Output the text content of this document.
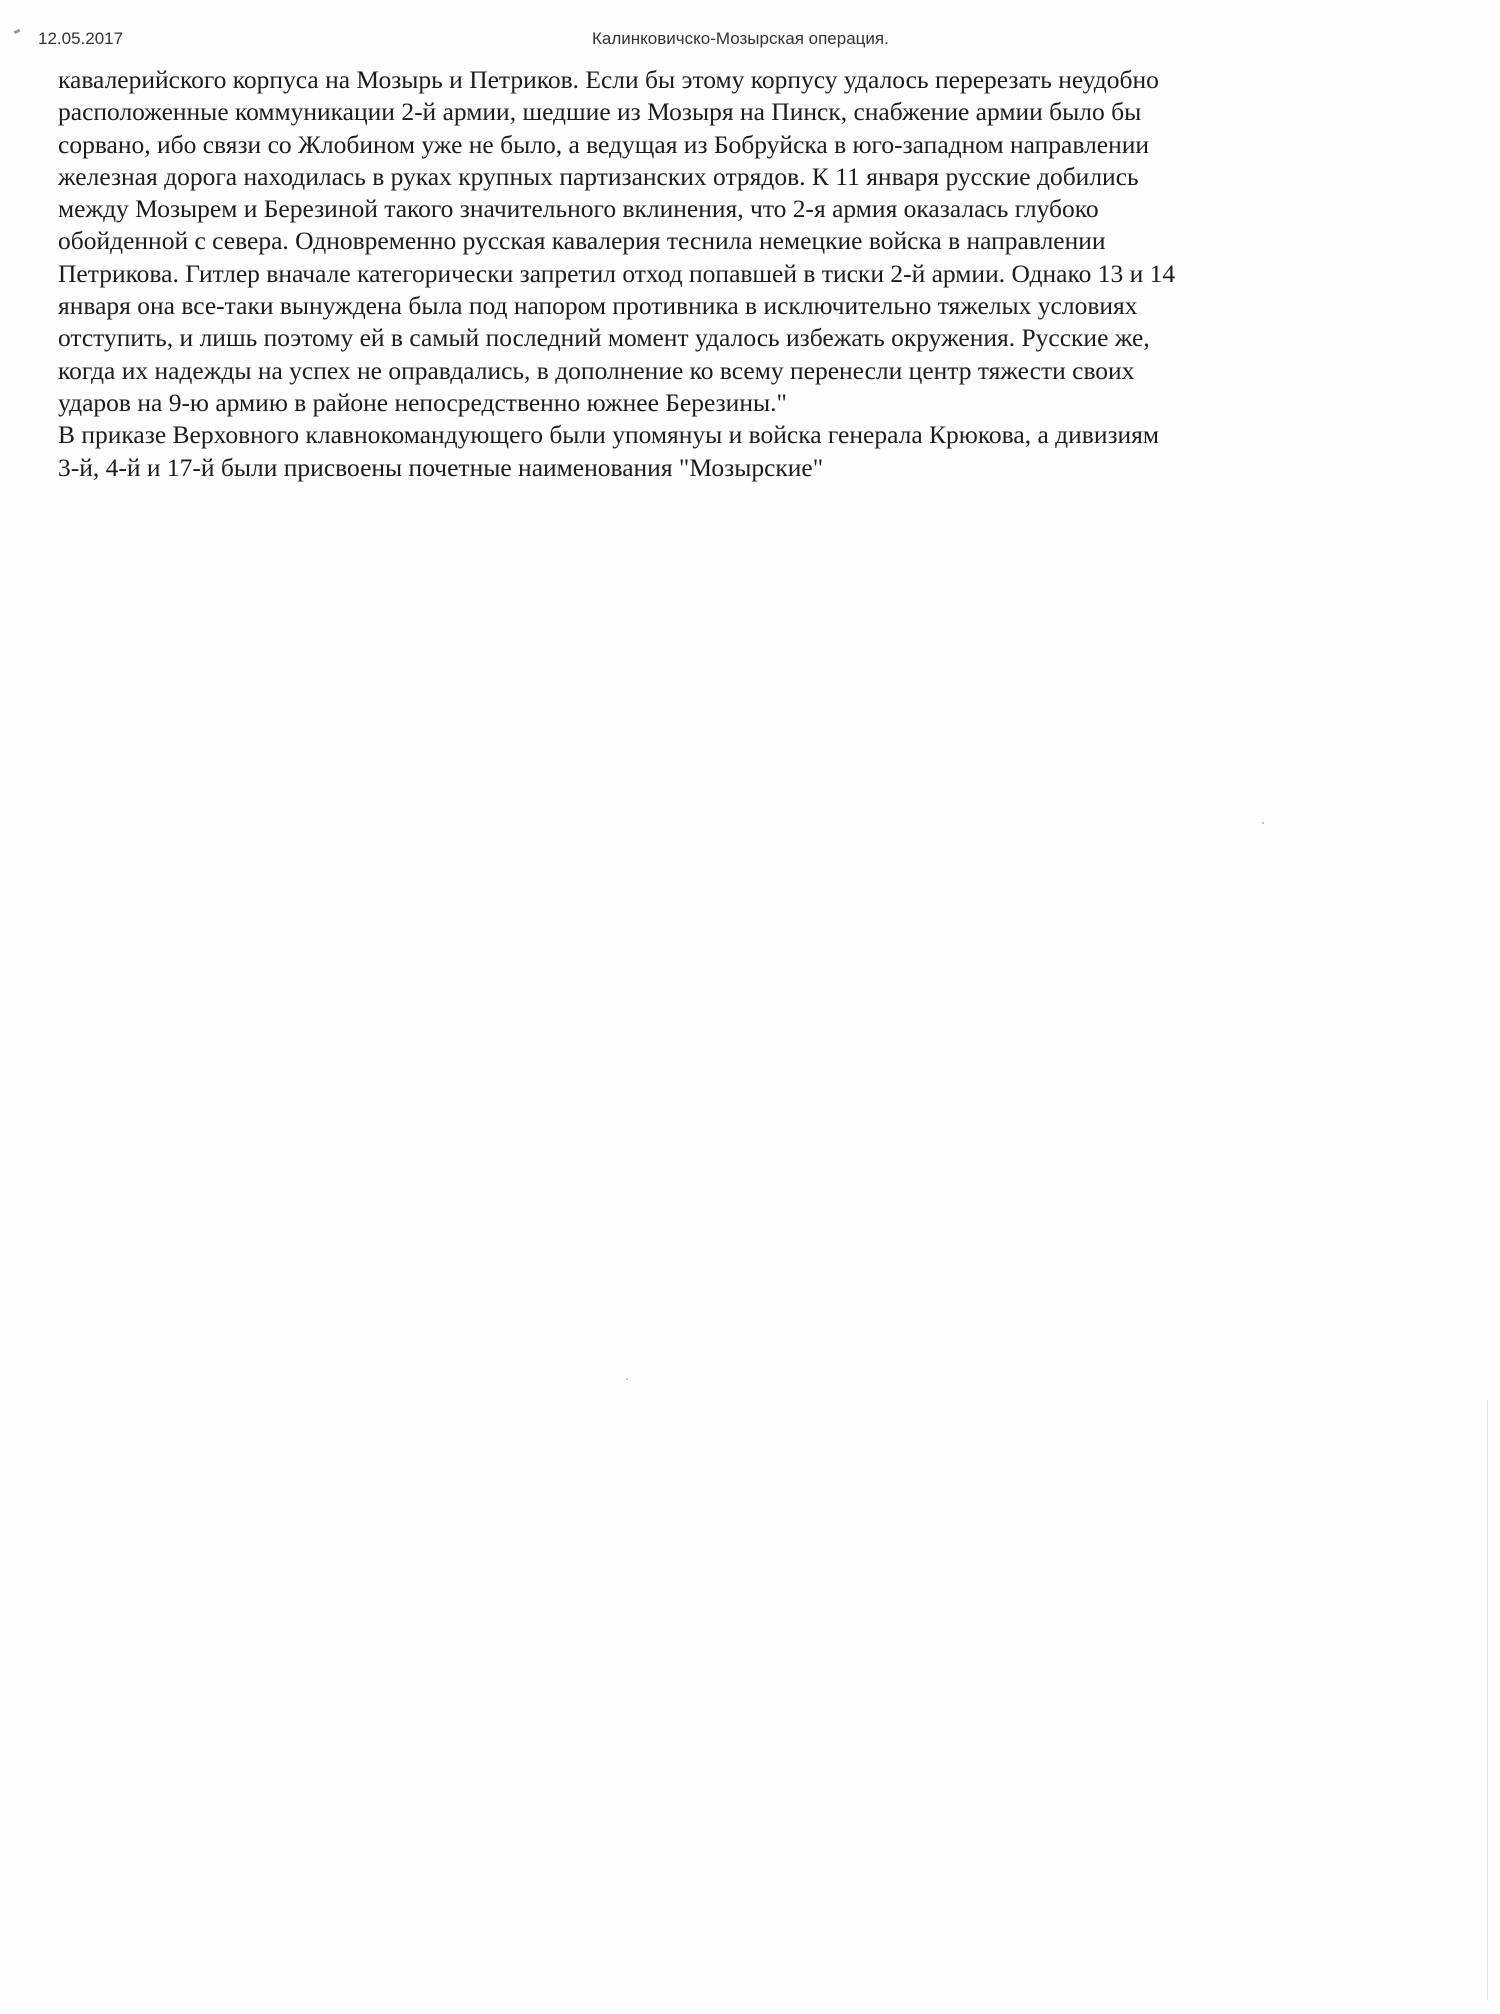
12.05.2017	Калинковичско-Мозырская операция.
кавалерийского корпуса на Мозырь и Петриков. Если бы этому корпусу удалось перерезать неудобно
расположенные коммуникации 2-й армии, шедшие из Мозыря на Пинск, снабжение армии было бы
сорвано, ибо связи со Жлобином уже не было, а ведущая из Бобруйска в юго-западном направлении
железная дорога находилась в руках крупных партизанских отрядов. К 11 января русские добились
между Мозырем и Березиной такого значительного вклинения, что 2-я армия оказалась глубоко
обойденной с севера. Одновременно русская кавалерия теснила немецкие войска в направлении
Петрикова. Гитлер вначале категорически запретил отход попавшей в тиски 2-й армии. Однако 13 и 14
января она все-таки вынуждена была под напором противника в исключительно тяжелых условиях
отступить, и лишь поэтому ей в самый последний момент удалось избежать окружения. Русские же,
когда их надежды на успех не оправдались, в дополнение ко всему перенесли центр тяжести своих
ударов на 9-ю армию в районе непосредственно южнее Березины."
В приказе Верховного клавнокомандующего были упомянуы и войска генерала Крюкова, а дивизиям
3-й, 4-й и 17-й были присвоены почетные наименования "Мозырские"
